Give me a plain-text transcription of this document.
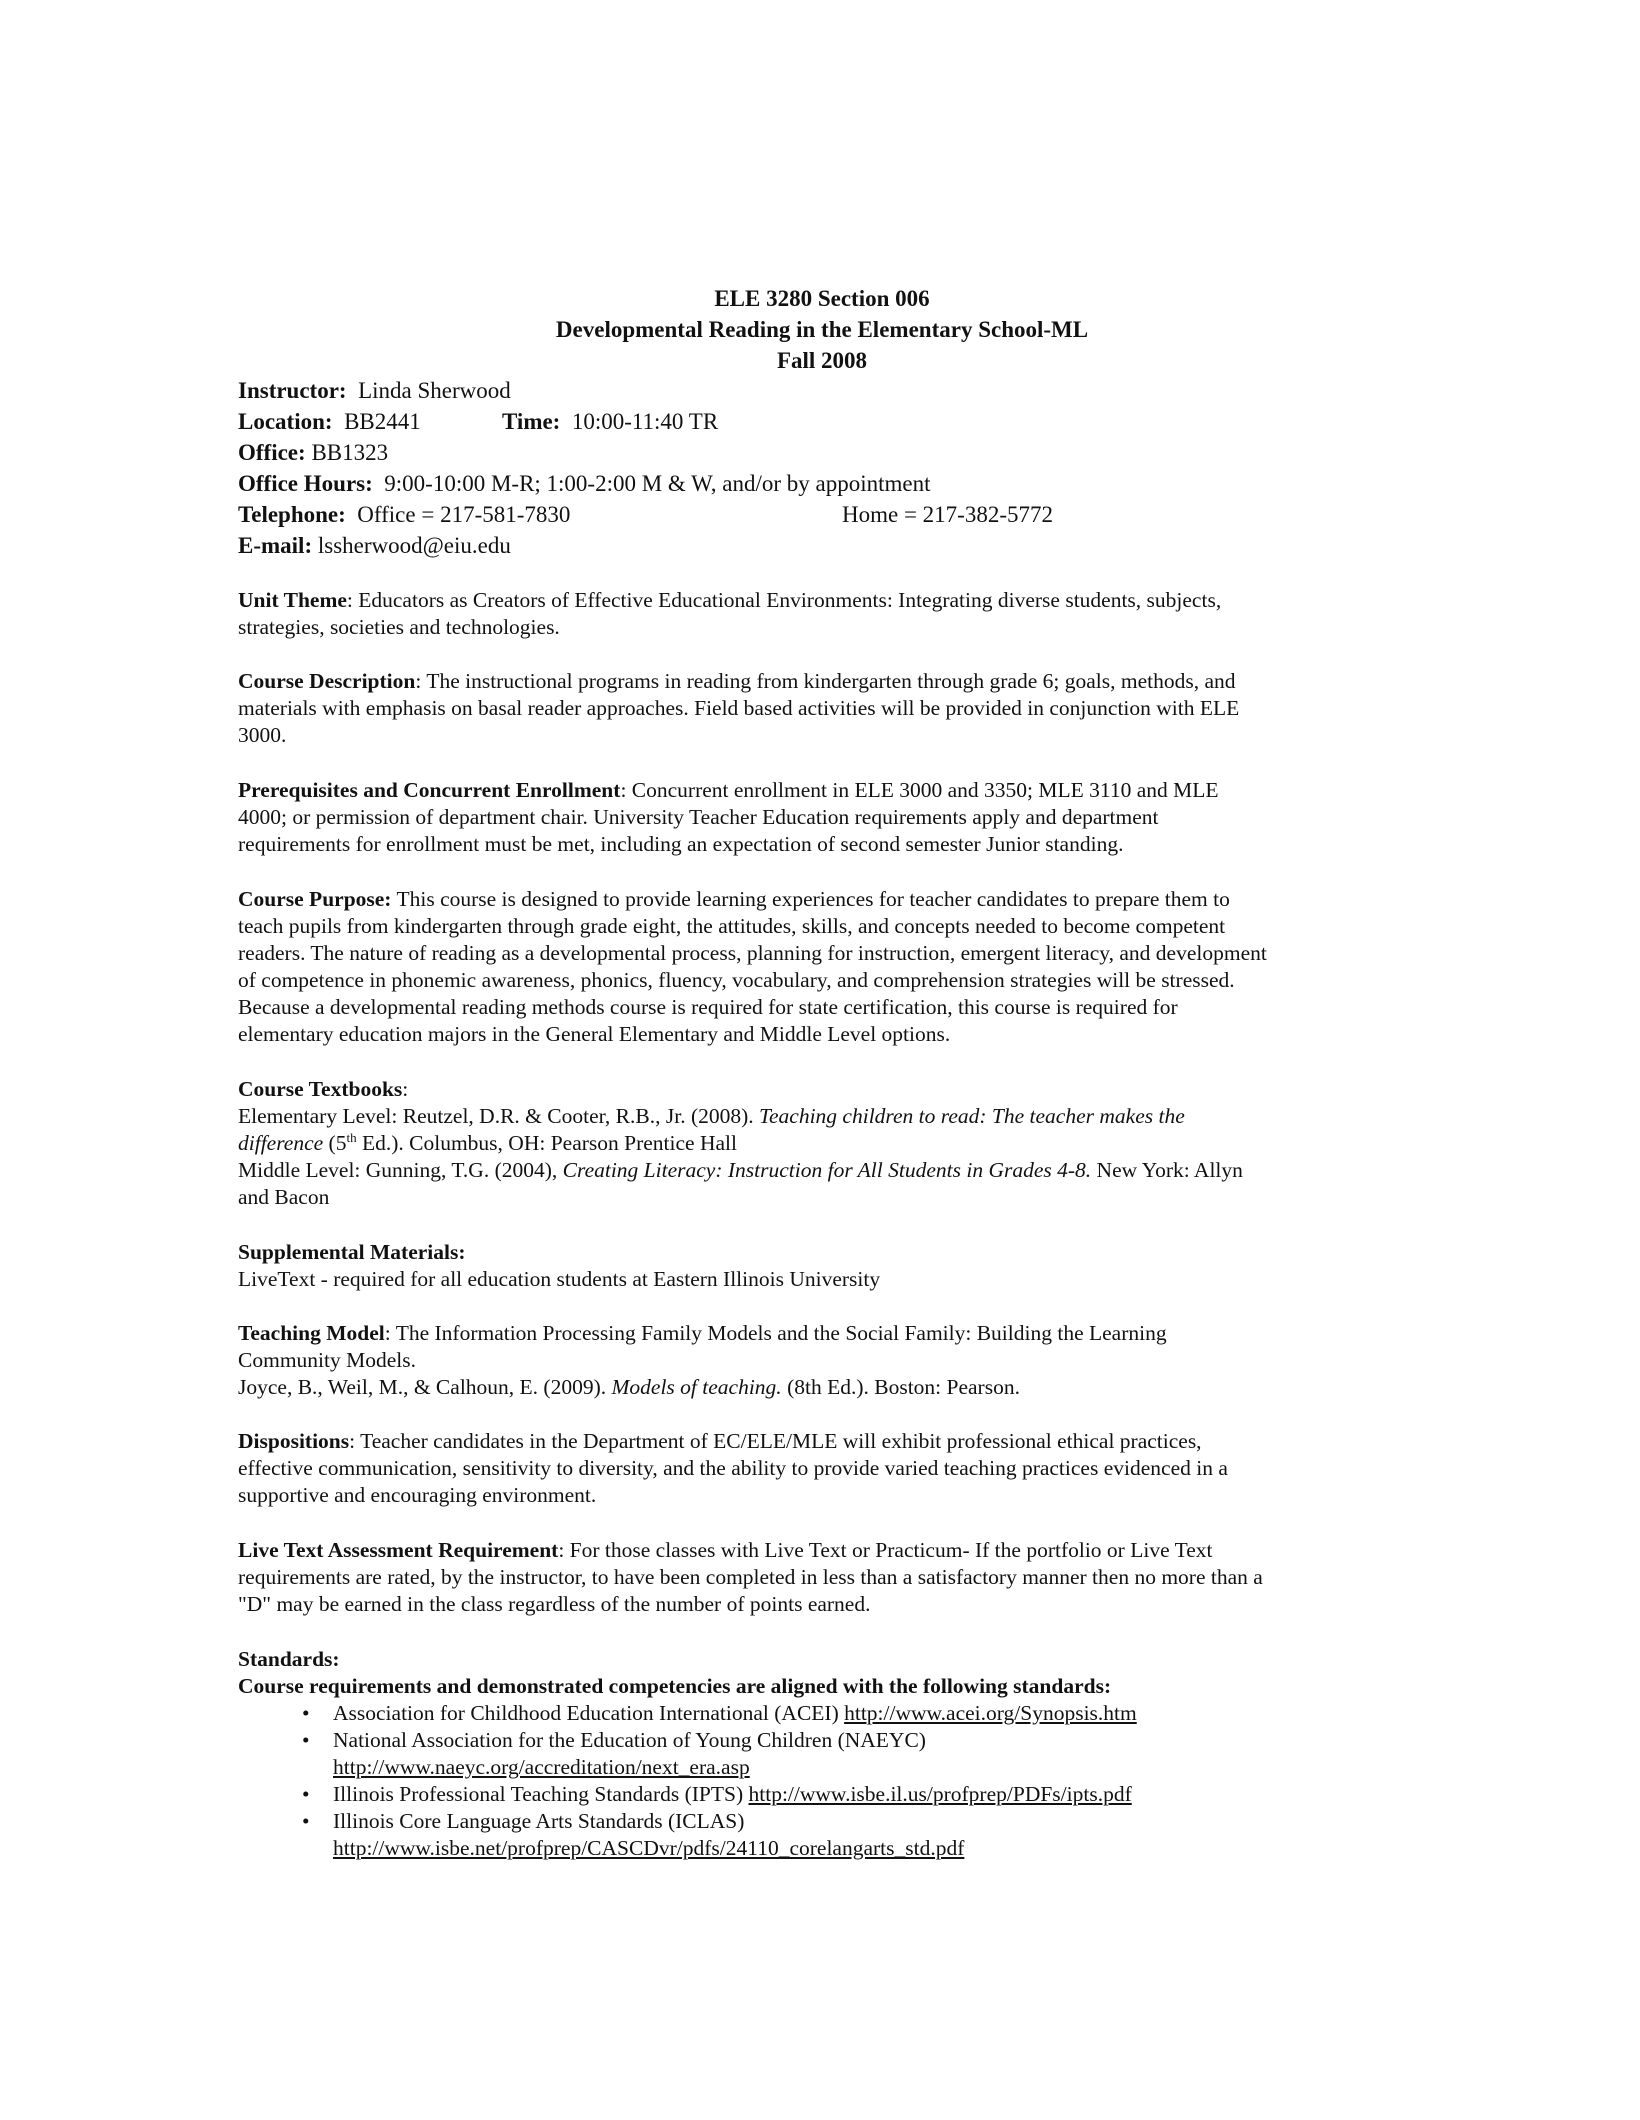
ELE 3280 Section 006
Developmental Reading in the Elementary School-ML
Fall 2008
Instructor: Linda Sherwood
Location: BB2441	Time: 10:00-11:40 TR
Office: BB1323
Office Hours: 9:00-10:00 M-R; 1:00-2:00 M & W, and/or by appointment
Telephone: Office = 217-581-7830	Home = 217-382-5772
E-mail: lssherwood@eiu.edu
Unit Theme: Educators as Creators of Effective Educational Environments: Integrating diverse students, subjects,
strategies, societies and technologies.
Course Description: The instructional programs in reading from kindergarten through grade 6; goals, methods, and
materials with emphasis on basal reader approaches. Field based activities will be provided in conjunction with ELE
3000.
Prerequisites and Concurrent Enrollment: Concurrent enrollment in ELE 3000 and 3350; MLE 3110 and MLE
4000; or permission of department chair. University Teacher Education requirements apply and department
requirements for enrollment must be met, including an expectation of second semester Junior standing.
Course Purpose: This course is designed to provide learning experiences for teacher candidates to prepare them to
teach pupils from kindergarten through grade eight, the attitudes, skills, and concepts needed to become competent
readers. The nature of reading as a developmental process, planning for instruction, emergent literacy, and development
of competence in phonemic awareness, phonics, fluency, vocabulary, and comprehension strategies will be stressed.
Because a developmental reading methods course is required for state certification, this course is required for
elementary education majors in the General Elementary and Middle Level options.
Course Textbooks:
Elementary Level: Reutzel, D.R. & Cooter, R.B., Jr. (2008). Teaching children to read: The teacher makes the
difference (5th Ed.). Columbus, OH: Pearson Prentice Hall
Middle Level: Gunning, T.G. (2004), Creating Literacy: Instruction for All Students in Grades 4-8. New York: Allyn
and Bacon
Supplemental Materials:
LiveText - required for all education students at Eastern Illinois University
Teaching Model: The Information Processing Family Models and the Social Family: Building the Learning
Community Models.
Joyce, B., Weil, M., & Calhoun, E. (2009). Models of teaching. (8th Ed.). Boston: Pearson.
Dispositions: Teacher candidates in the Department of EC/ELE/MLE will exhibit professional ethical practices,
effective communication, sensitivity to diversity, and the ability to provide varied teaching practices evidenced in a
supportive and encouraging environment.
Live Text Assessment Requirement: For those classes with Live Text or Practicum- If the portfolio or Live Text
requirements are rated, by the instructor, to have been completed in less than a satisfactory manner then no more than a
"D" may be earned in the class regardless of the number of points earned.
Standards:
Course requirements and demonstrated competencies are aligned with the following standards:
• Association for Childhood Education International (ACEI) http://www.acei.org/Synopsis.htm
• National Association for the Education of Young Children (NAEYC)
http://www.naeyc.org/accreditation/next_era.asp
• Illinois Professional Teaching Standards (IPTS) http://www.isbe.il.us/profprep/PDFs/ipts.pdf
• Illinois Core Language Arts Standards (ICLAS)
http://www.isbe.net/profprep/CASCDvr/pdfs/24110_corelangarts_std.pdf
